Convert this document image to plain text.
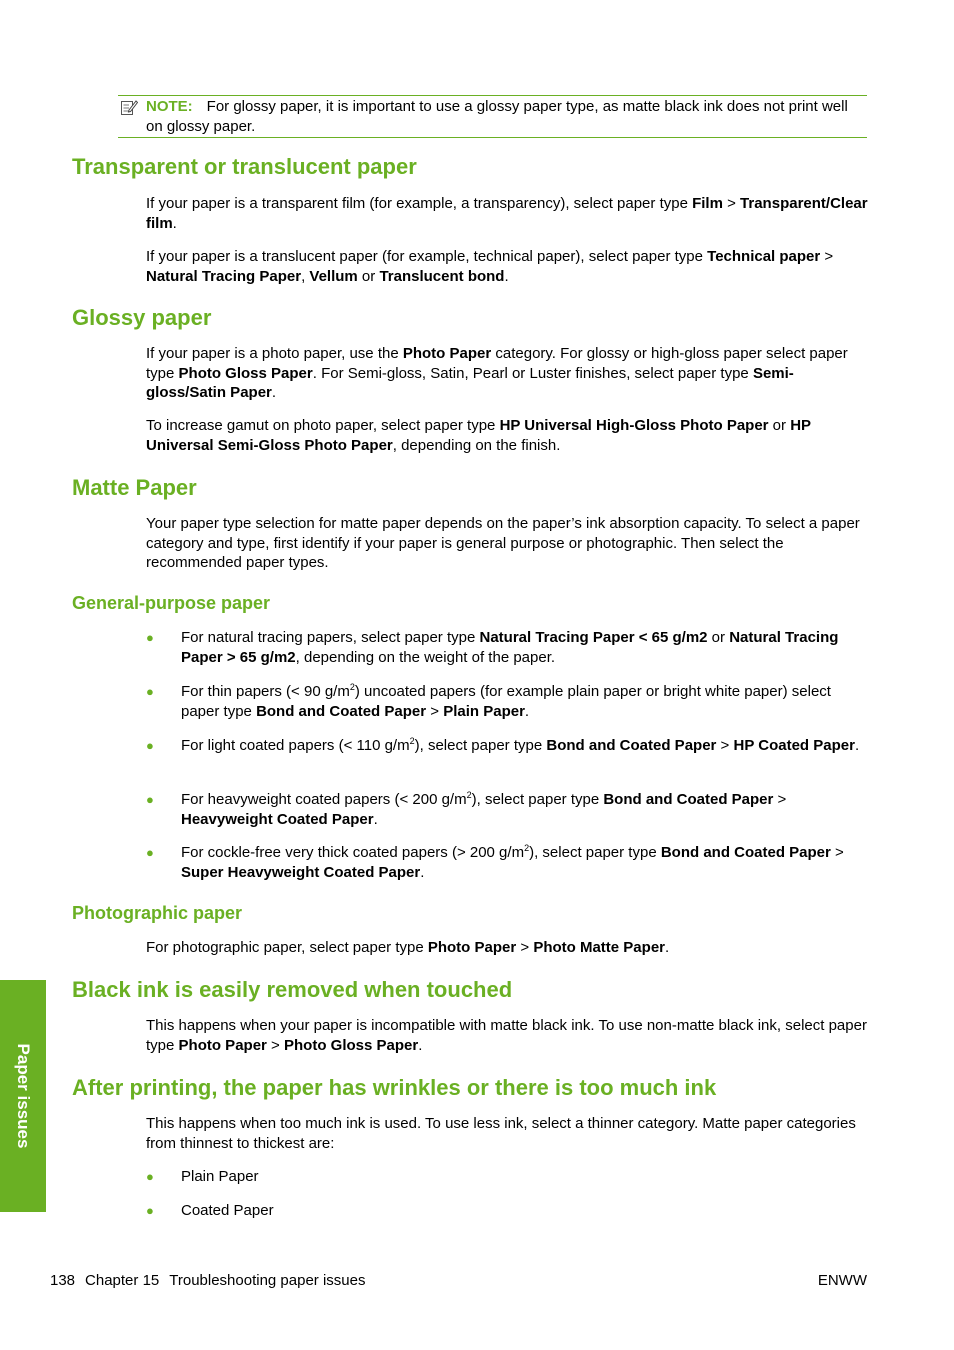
NOTE: For glossy paper, it is important to use a glossy paper type, as matte black ink does not print well on glossy paper.
Transparent or translucent paper

If your paper is a transparent film (for example, a transparency), select paper type Film > Transparent/Clear film.

If your paper is a translucent paper (for example, technical paper), select paper type Technical paper > Natural Tracing Paper, Vellum or Translucent bond.

Glossy paper

If your paper is a photo paper, use the Photo Paper category. For glossy or high-gloss paper select paper type Photo Gloss Paper. For Semi-gloss, Satin, Pearl or Luster finishes, select paper type Semi-gloss/Satin Paper.

To increase gamut on photo paper, select paper type HP Universal High-Gloss Photo Paper or HP Universal Semi-Gloss Photo Paper, depending on the finish.

Matte Paper

Your paper type selection for matte paper depends on the paper’s ink absorption capacity. To select a paper category and type, first identify if your paper is general purpose or photographic. Then select the recommended paper types.

General-purpose paper
● For natural tracing papers, select paper type Natural Tracing Paper < 65 g/m2 or Natural Tracing Paper > 65 g/m2, depending on the weight of the paper.
● For thin papers (< 90 $g/m^2$) uncoated papers (for example plain paper or bright white paper) select paper type Bond and Coated Paper > Plain Paper.
● For light coated papers (< 110 $g/m^2$), select paper type Bond and Coated Paper > HP Coated Paper.
● For heavyweight coated papers (< 200 $g/m^2$), select paper type Bond and Coated Paper > Heavyweight Coated Paper.
● For cockle-free very thick coated papers (> 200 $g/m^2$), select paper type Bond and Coated Paper > Super Heavyweight Coated Paper.
Photographic paper

For photographic paper, select paper type Photo Paper > Photo Matte Paper.

Black ink is easily removed when touched

This happens when your paper is incompatible with matte black ink. To use non-matte black ink, select paper type Photo Paper > Photo Gloss Paper.

After printing, the paper has wrinkles or there is too much ink

This happens when too much ink is used. To use less ink, select a thinner category. Matte paper categories from thinnest to thickest are:

● Plain Paper
● Coated Paper
Paper issues
138 Chapter 15 Troubleshooting paper issues	ENWW
